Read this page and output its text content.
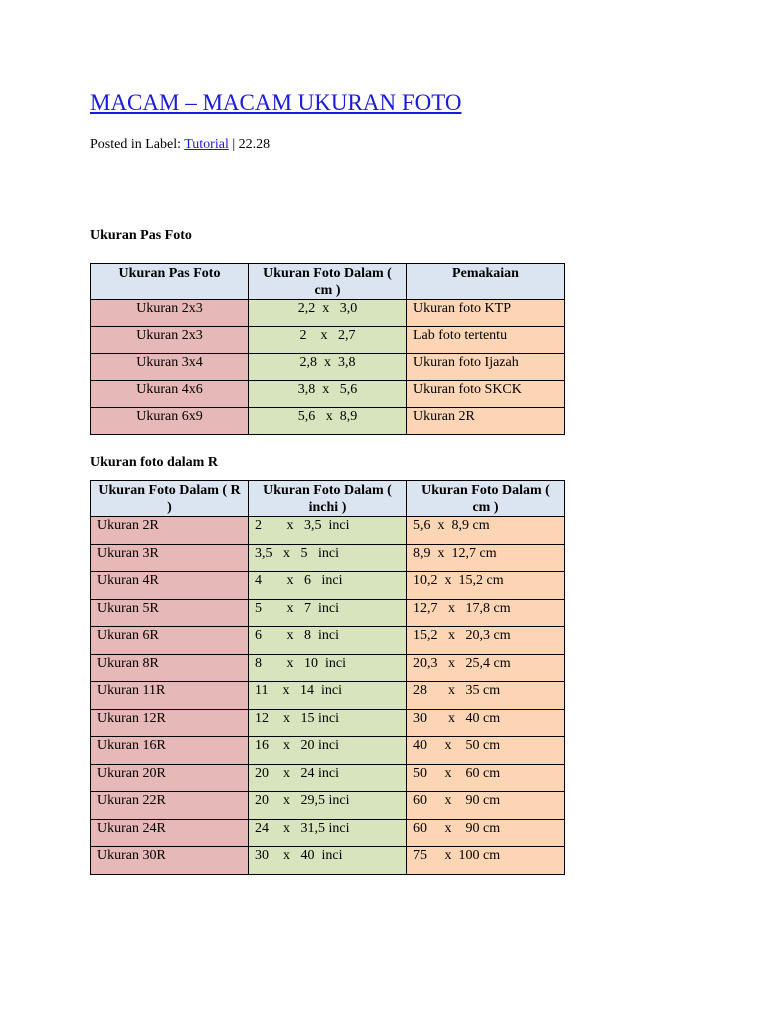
MACAM – MACAM UKURAN FOTO
Posted in Label: Tutorial | 22.28
Ukuran Pas Foto
Ukuran Pas Foto	Ukuran Foto Dalam ( cm )	Pemakaian
Ukuran 2x3	2,2  x   3,0	Ukuran foto KTP
Ukuran 2x3	2    x   2,7	Lab foto tertentu
Ukuran 3x4	2,8  x  3,8	Ukuran foto Ijazah
Ukuran 4x6	3,8  x   5,6	Ukuran foto SKCK
Ukuran 6x9	5,6   x  8,9	Ukuran 2R
Ukuran foto dalam R
Ukuran Foto Dalam ( R )	Ukuran Foto Dalam ( inchi )	Ukuran Foto Dalam ( cm )
Ukuran 2R	2       x   3,5  inci	5,6  x  8,9 cm
Ukuran 3R	3,5   x   5   inci	8,9  x  12,7 cm
Ukuran 4R	4       x   6   inci	10,2  x  15,2 cm
Ukuran 5R	5       x   7  inci	12,7   x   17,8 cm
Ukuran 6R	6       x   8  inci	15,2   x   20,3 cm
Ukuran 8R	8       x   10  inci	20,3   x   25,4 cm
Ukuran 11R	11    x   14  inci	28      x   35 cm
Ukuran 12R	12    x   15 inci	30      x   40 cm
Ukuran 16R	16    x   20 inci	40     x    50 cm
Ukuran 20R	20    x   24 inci	50     x    60 cm
Ukuran 22R	20    x   29,5 inci	60     x    90 cm
Ukuran 24R	24    x   31,5 inci	60     x    90 cm
Ukuran 30R	30    x   40  inci	75     x  100 cm
